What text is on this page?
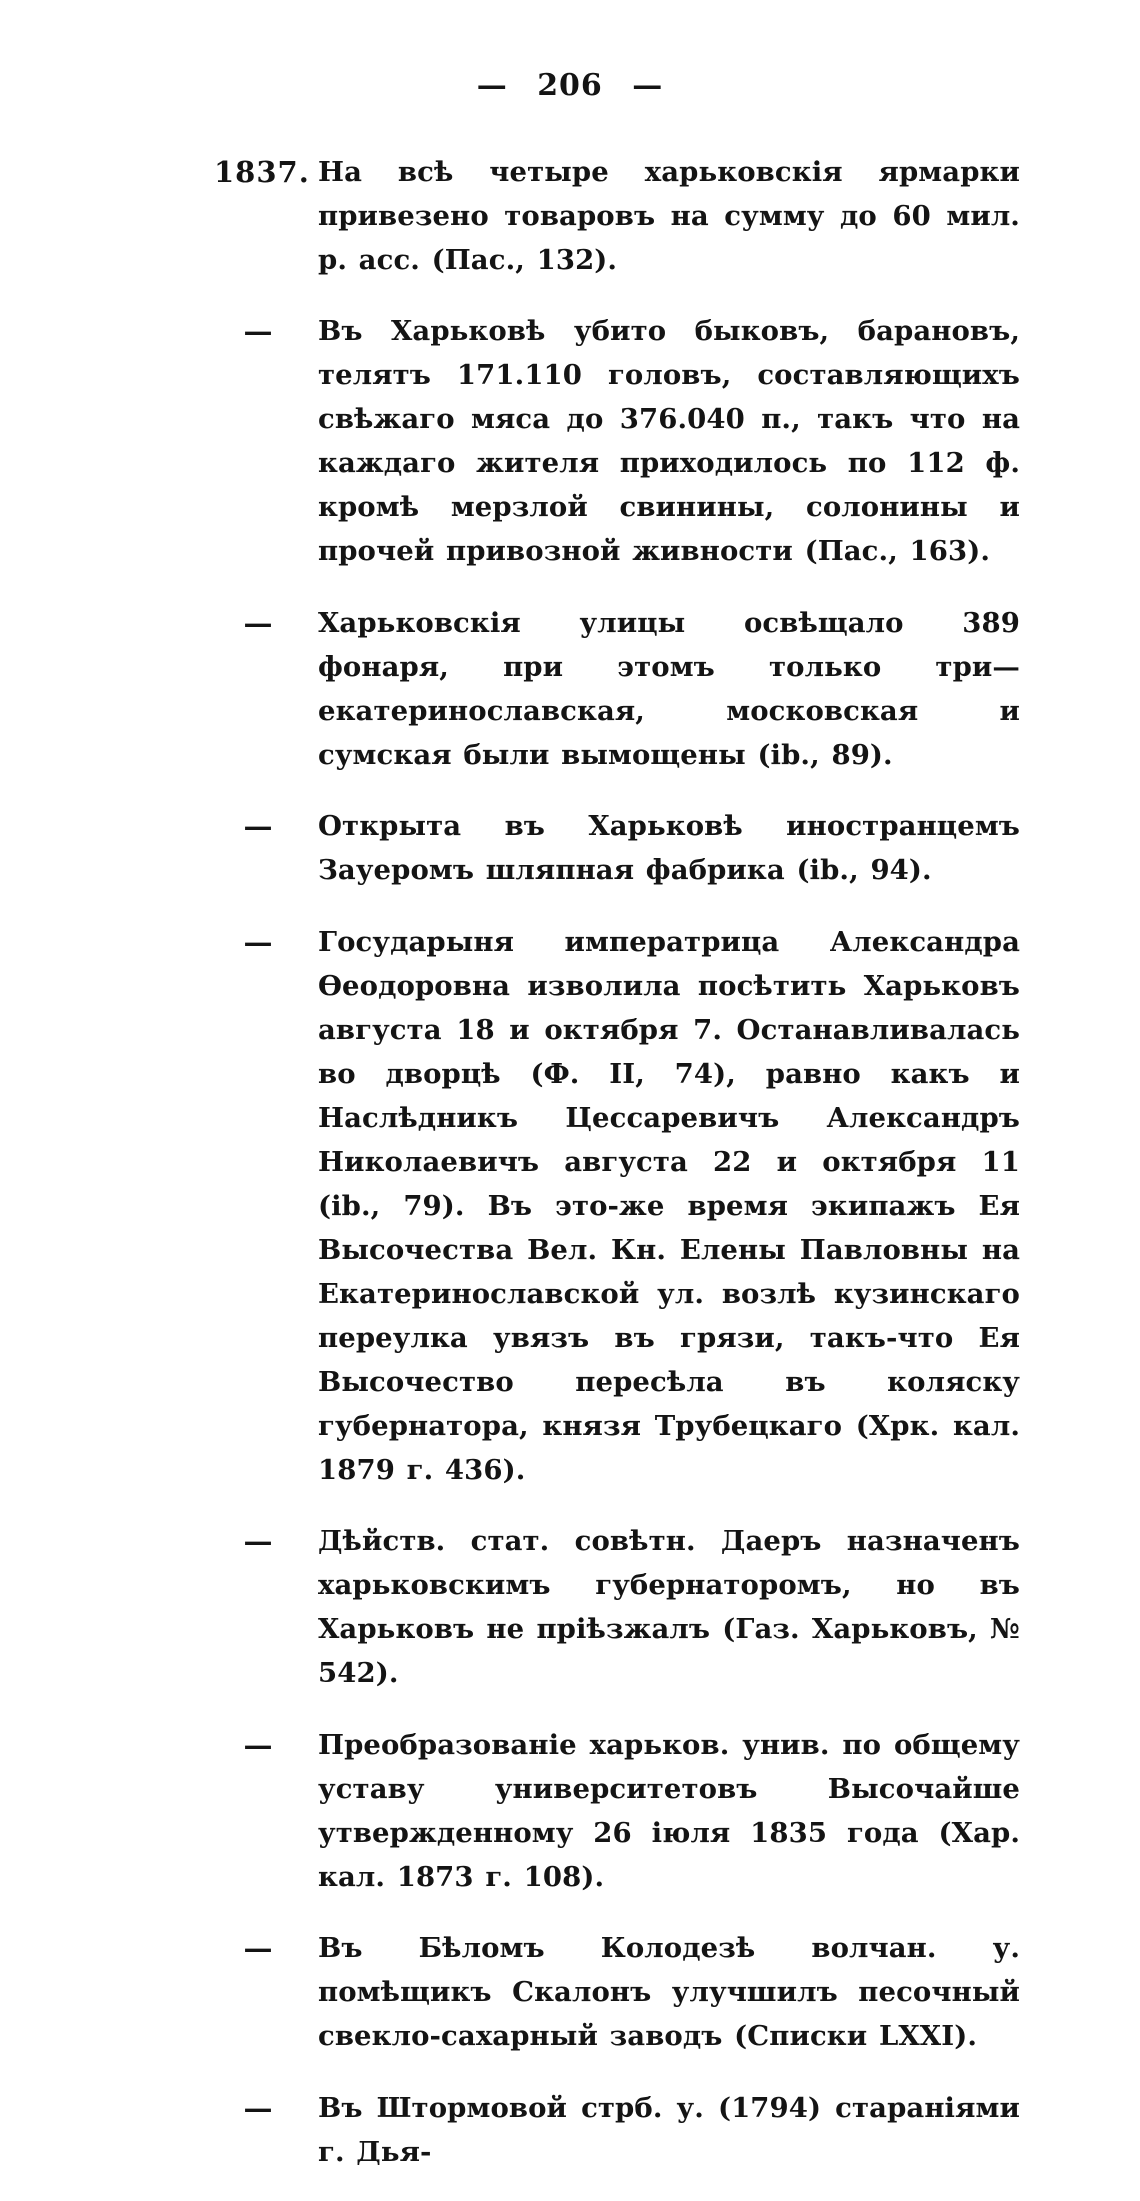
— 206 —
1837. На всѣ четыре харьковскія ярмарки привезено товаровъ на сумму до 60 мил. р. асс. (Пас., 132).

—	Въ Харьковѣ убито быковъ, барановъ, телятъ 171.110 головъ, составляющихъ свѣжаго мяса до 376.040 п., такъ что на каждаго жителя приходилось по 112 ф. кромѣ мерзлой свинины, солонины и прочей привозной живности (Пас., 163).

—	Харьковскія улицы освѣщало 389 фонаря, при этомъ только три—екатеринославская, московская и сумская были вымощены (ib., 89).

—	Открыта въ Харьковѣ иностранцемъ Зауеромъ шляпная фабрика (ib., 94).

—	Государыня императрица Александра Ѳеодоровна изволила посѣтить Харьковъ августа 18 и октября 7. Останавливалась во дворцѣ (Ф. II, 74), равно какъ и Наслѣдникъ Цессаревичъ Александръ Николаевичъ августа 22 и октября 11 (ib., 79). Въ это-же время экипажъ Ея Высочества Вел. Кн. Елены Павловны на Екатеринославской ул. возлѣ кузинскаго переулка увязъ въ грязи, такъ-что Ея Высочество пересѣла въ коляску губернатора, князя Трубецкаго (Хрк. кал. 1879 г. 436).

—	Дѣйств. стат. совѣтн. Даеръ назначенъ харьковскимъ губернаторомъ, но въ Харьковъ не пріѣзжалъ (Газ. Харьковъ, № 542).

—	Преобразованіе харьков. унив. по общему уставу университетовъ Высочайше утвержденному 26 іюля 1835 года (Хар. кал. 1873 г. 108).

—	Въ Бѣломъ Колодезѣ волчан. у. помѣщикъ Скалонъ улучшилъ песочный свекло-сахарный заводъ (Списки LXXI).

—	Въ Штормовой стрб. у. (1794) стараніями г. Дья-
